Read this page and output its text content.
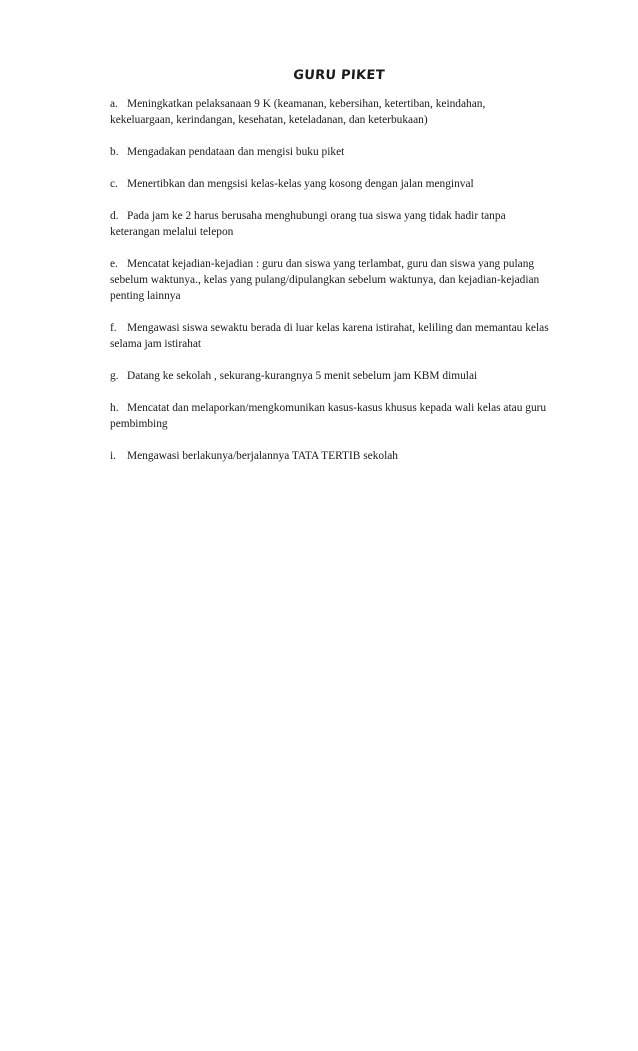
GURU PIKET

a. Meningkatkan pelaksanaan 9 K (keamanan, kebersihan, ketertiban, keindahan, kekeluargaan, kerindangan, kesehatan, keteladanan, dan keterbukaan)

b. Mengadakan pendataan dan mengisi buku piket

c. Menertibkan dan mengsisi kelas-kelas yang kosong dengan jalan menginval

d. Pada jam ke 2 harus berusaha menghubungi orang tua siswa yang tidak hadir tanpa keterangan melalui telepon

e. Mencatat kejadian-kejadian : guru dan siswa yang terlambat, guru dan siswa yang pulang sebelum waktunya., kelas yang pulang/dipulangkan sebelum waktunya, dan kejadian-kejadian penting lainnya

f. Mengawasi siswa sewaktu berada di luar kelas karena istirahat, keliling dan memantau kelas selama jam istirahat

g. Datang ke sekolah , sekurang-kurangnya 5 menit sebelum jam KBM dimulai

h. Mencatat dan melaporkan/mengkomunikan kasus-kasus khusus kepada wali kelas atau guru pembimbing

i. Mengawasi berlakunya/berjalannya TATA TERTIB sekolah
